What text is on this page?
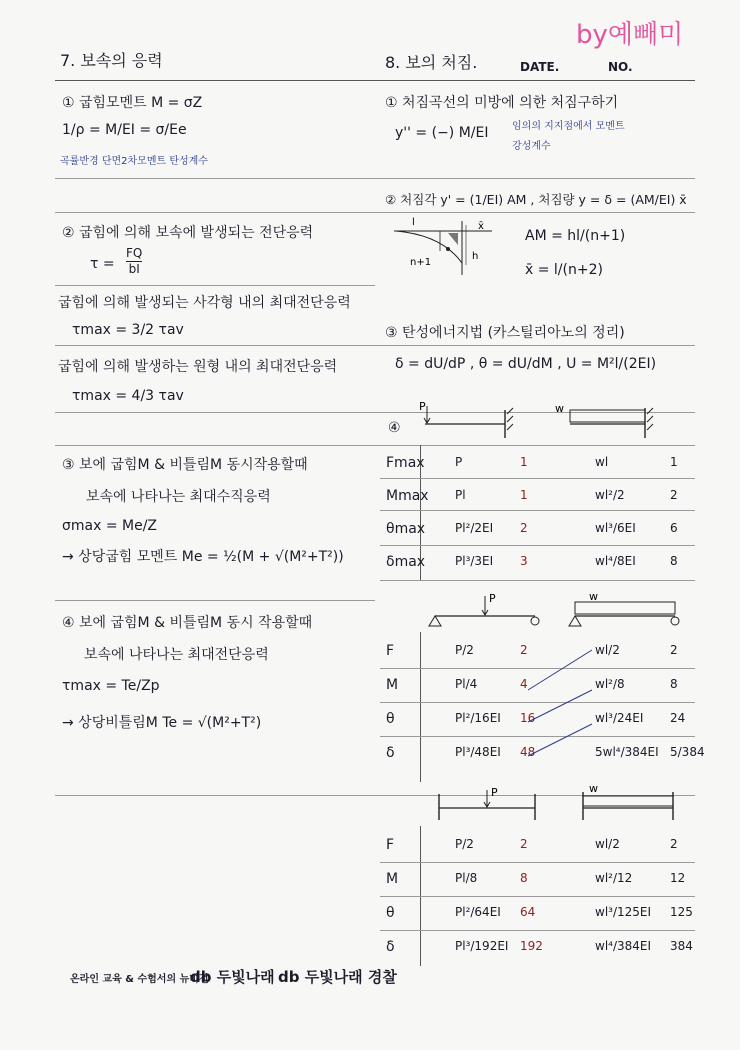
by예빼미
7. 보속의 응력	8. 보의 처짐.	DATE.	NO.
① 굽힘모멘트 M = σZ
1/ρ = M/EI = σ/Ee
곡률반경 단면2차모멘트 탄성계수
② 굽힘에 의해 보속에 발생되는 전단응력
τ =
FQ
bI
굽힘에 의해 발생되는 사각형 내의 최대전단응력
τmax = 3/2 τav
굽힘에 의해 발생하는 원형 내의 최대전단응력
τmax = 4/3 τav
③ 보에 굽힘M & 비틀림M 동시작용할때
보속에 나타나는 최대수직응력
σmax = Me/Z
→ 상당굽힘 모멘트 Me = ½(M + √(M²+T²))
④ 보에 굽힘M & 비틀림M 동시 작용할때
보속에 나타나는 최대전단응력
τmax = Te/Zp
→ 상당비틀림M Te = √(M²+T²)
① 처짐곡선의 미방에 의한 처짐구하기
y'' = (−) M/EI 임의의 지지점에서 모멘트
강성계수
② 처짐각 y' = (1/EI) AM , 처짐량 y = δ = (AM/EI) x̄
l	x̄
n+1
h
AM = hl/(n+1)
x̄ = l/(n+2)
③ 탄성에너지법 (카스틸리아노의 정리)
δ = dU/dP , θ = dU/dM , U = M²l/(2EI)
④
P	w
Fmax	P	1	wl	1
Mmax Pl	1	wl²/2	2
θmax Pl²/2EI 2	wl³/6EI	6
δmax Pl³/3EI 3	wl⁴/8EI	8
P	w
F	P/2	2	wl/2	2
M	Pl/4	4	wl²/8	8
θ	Pl²/16EI 16	wl³/24EI 24
δ	Pl³/48EI 48	5wl⁴/384EI 5/384
P	w
F	P/2	2	wl/2	2
M	Pl/8	8	wl²/12	12
θ	Pl²/64EI 64	wl³/125EI 125
δ	Pl³/192EI 192	wl⁴/384EI 384
온라인 교육 & 수험서의 뉴비전
db 두빛나래 db 두빛나래 경찰
